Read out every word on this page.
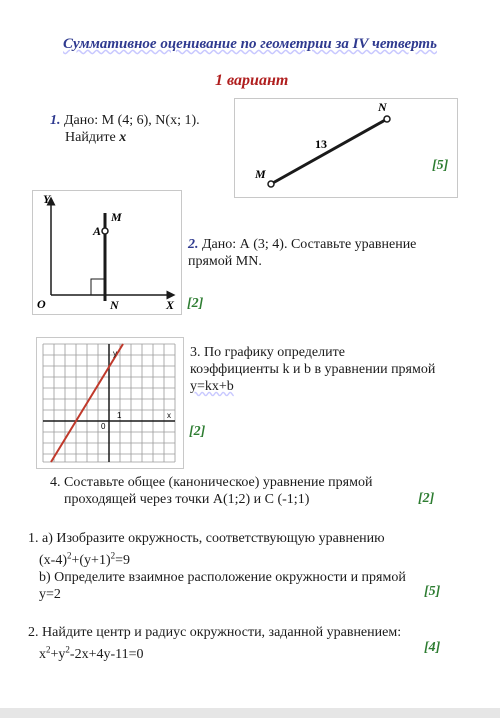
Суммативное оценивание по геометрии за IV четверть
1 вариант
1. Дано: М (4; 6), N(x; 1).
Найдите x
N
M
13
[5]
Y
X
O
M
A
N
2. Дано: А (3; 4). Составьте уравнение
прямой MN.
[2]
y
x
0
1
3. По графику определите
коэффициенты k и b в уравнении прямой
y=kx+b
[2]
4. Составьте общее (каноническое) уравнение прямой
проходящей через точки А(1;2) и С (-1;1)	[2]
1. а) Изобразите окружность, соответствующую уравнению
$(x-4)^2+(y+1)^2=9$
b) Определите взаимное расположение окружности и прямой
y=2	[5]
2. Найдите центр и радиус окружности, заданной уравнением:
$x^2+y^2-2x+4y-11=0$	[4]
